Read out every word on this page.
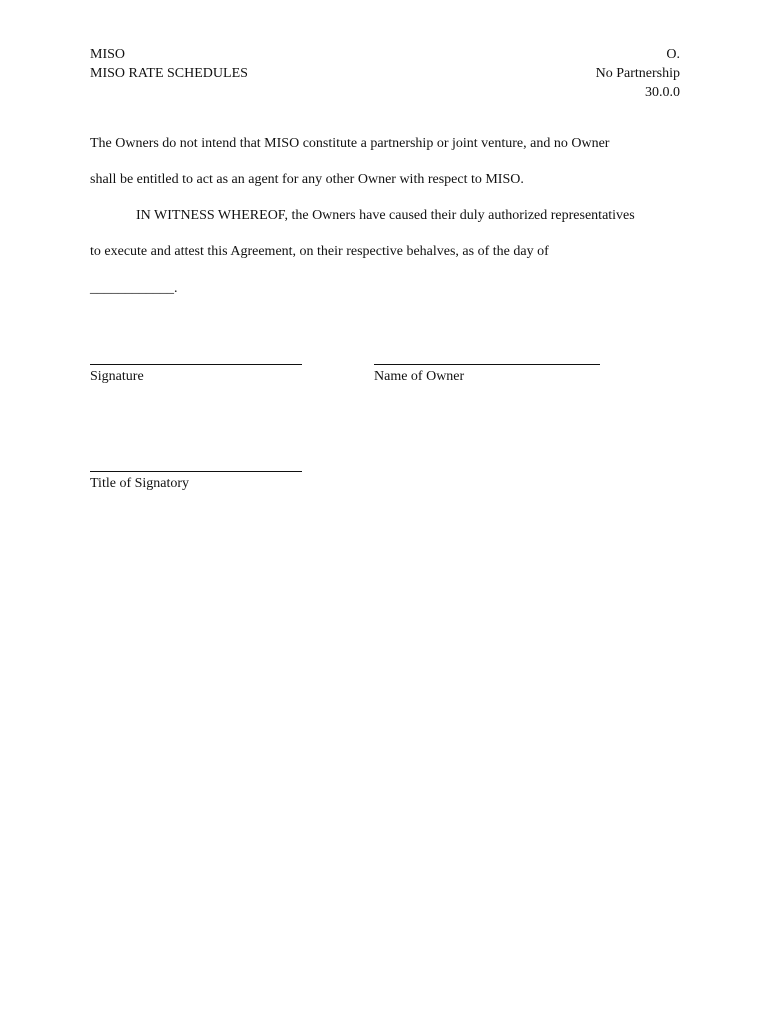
MISO
MISO RATE SCHEDULES
O.
No Partnership
30.0.0
The Owners do not intend that MISO constitute a partnership or joint venture, and no Owner
shall be entitled to act as an agent for any other Owner with respect to MISO.
IN WITNESS WHEREOF, the Owners have caused their duly authorized representatives
to execute and attest this Agreement, on their respective behalves, as of the day of
____________.
Signature	Name of Owner
Title of Signatory
